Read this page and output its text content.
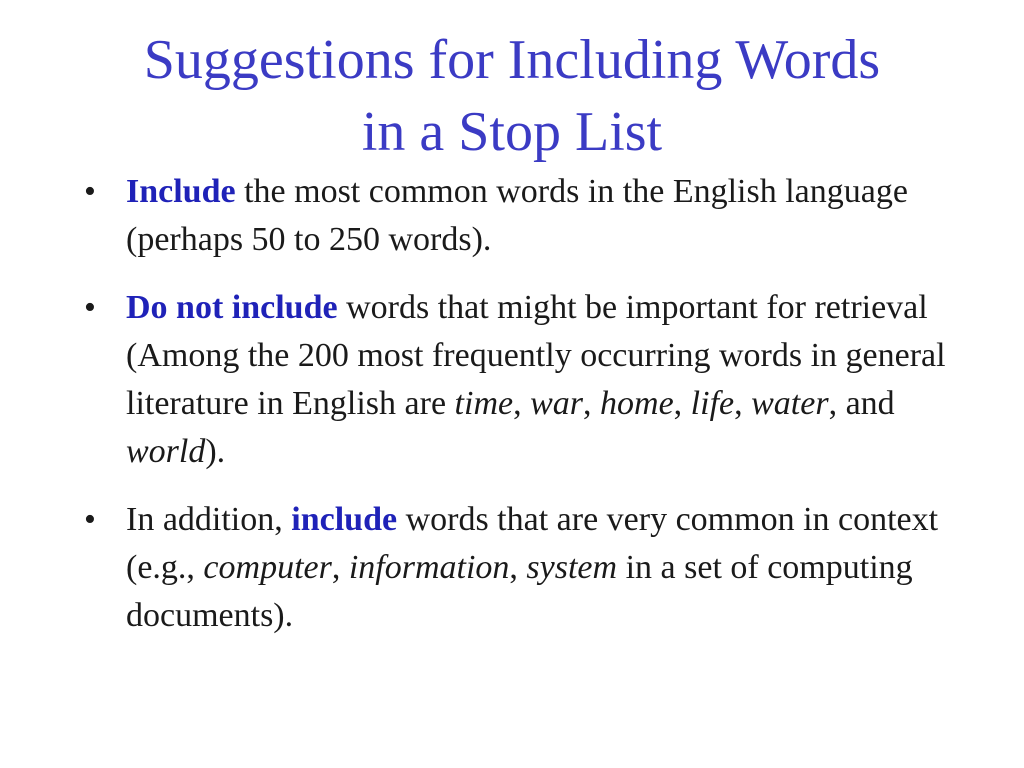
Suggestions for Including Words
in a Stop List
• Include the most common words in the English language (perhaps 50 to 250 words).
• Do not include words that might be important for retrieval (Among the 200 most frequently occurring words in general literature in English are time, war, home, life, water, and world).
• In addition, include words that are very common in context (e.g., computer, information, system in a set of computing documents).
